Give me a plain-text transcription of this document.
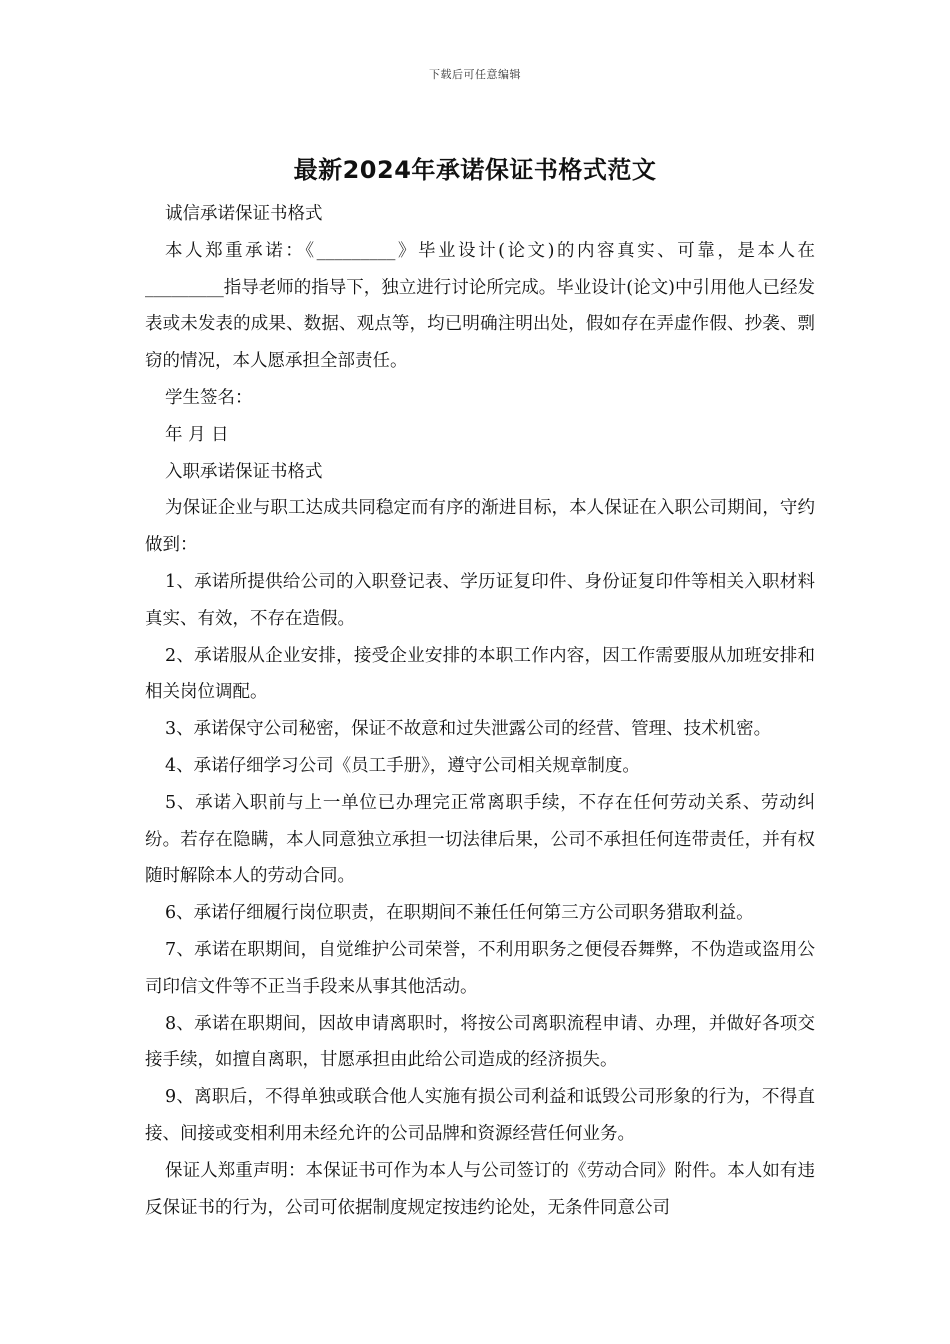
下载后可任意编辑
最新2024年承诺保证书格式范文

诚信承诺保证书格式

本人郑重承诺：《_________》毕业设计(论文)的内容真实、可靠，是本人在_________指导老师的指导下，独立进行讨论所完成。毕业设计(论文)中引用他人已经发表或未发表的成果、数据、观点等，均已明确注明出处，假如存在弄虚作假、抄袭、剽窃的情况，本人愿承担全部责任。

学生签名：

年 月 日

入职承诺保证书格式

为保证企业与职工达成共同稳定而有序的渐进目标，本人保证在入职公司期间，守约做到：

1、承诺所提供给公司的入职登记表、学历证复印件、身份证复印件等相关入职材料真实、有效，不存在造假。

2、承诺服从企业安排，接受企业安排的本职工作内容，因工作需要服从加班安排和相关岗位调配。

3、承诺保守公司秘密，保证不故意和过失泄露公司的经营、管理、技术机密。

4、承诺仔细学习公司《员工手册》，遵守公司相关规章制度。

5、承诺入职前与上一单位已办理完正常离职手续，不存在任何劳动关系、劳动纠纷。若存在隐瞒，本人同意独立承担一切法律后果，公司不承担任何连带责任，并有权随时解除本人的劳动合同。

6、承诺仔细履行岗位职责，在职期间不兼任任何第三方公司职务猎取利益。

7、承诺在职期间，自觉维护公司荣誉，不利用职务之便侵吞舞弊，不伪造或盗用公司印信文件等不正当手段来从事其他活动。

8、承诺在职期间，因故申请离职时，将按公司离职流程申请、办理，并做好各项交接手续，如擅自离职，甘愿承担由此给公司造成的经济损失。

9、离职后，不得单独或联合他人实施有损公司利益和诋毁公司形象的行为，不得直接、间接或变相利用未经允许的公司品牌和资源经营任何业务。

保证人郑重声明：本保证书可作为本人与公司签订的《劳动合同》附件。本人如有违反保证书的行为，公司可依据制度规定按违约论处，无条件同意公司
